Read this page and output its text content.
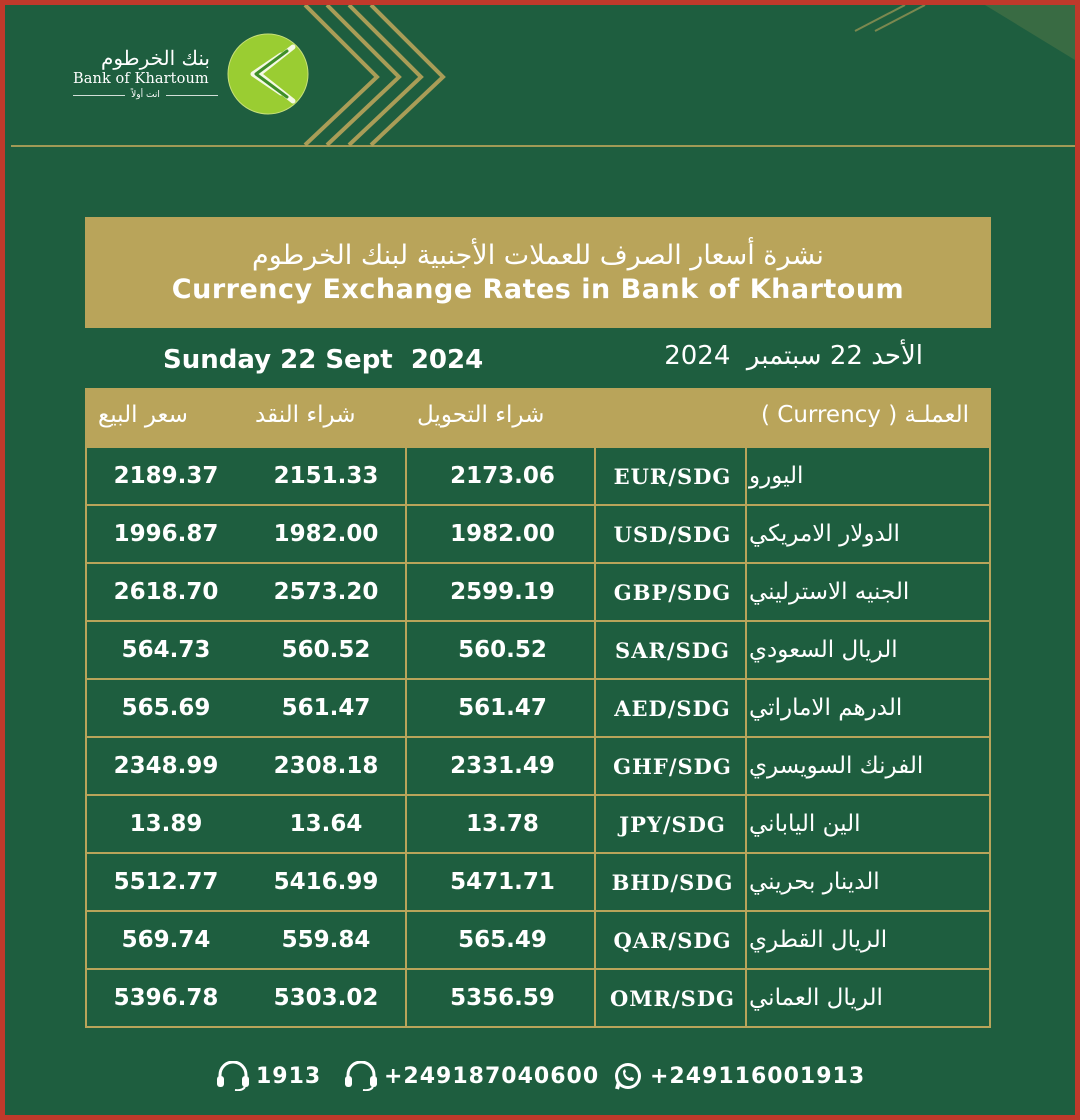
بنك الخرطوم
Bank of Khartoum
انت أولاً
نشرة أسعار الصرف للعملات الأجنبية لبنك الخرطوم
Currency Exchange Rates in Bank of Khartoum
Sunday 22 Sept  2024	الأحد 22 سبتمبر  2024
سعر البيع	شراء النقد	شراء التحويل	العملـة ( Currency )
2189.37	2151.33	2173.06	EUR/SDG اليورو
1996.87	1982.00	1982.00	USD/SDG الدولار الامريكي
2618.70	2573.20	2599.19	GBP/SDG الجنيه الاسترليني
564.73	560.52	560.52	SAR/SDG الريال السعودي
565.69	561.47	561.47	AED/SDG الدرهم الاماراتي
2348.99	2308.18	2331.49	GHF/SDG الفرنك السويسري
13.89	13.64	13.78	JPY/SDG	الين الياباني
5512.77	5416.99	5471.71	BHD/SDG الدينار بحريني
569.74	559.84	565.49	QAR/SDG الريال القطري
5396.78	5303.02	5356.59	OMR/SDG الريال العماني
1913	+249187040600 +249116001913
